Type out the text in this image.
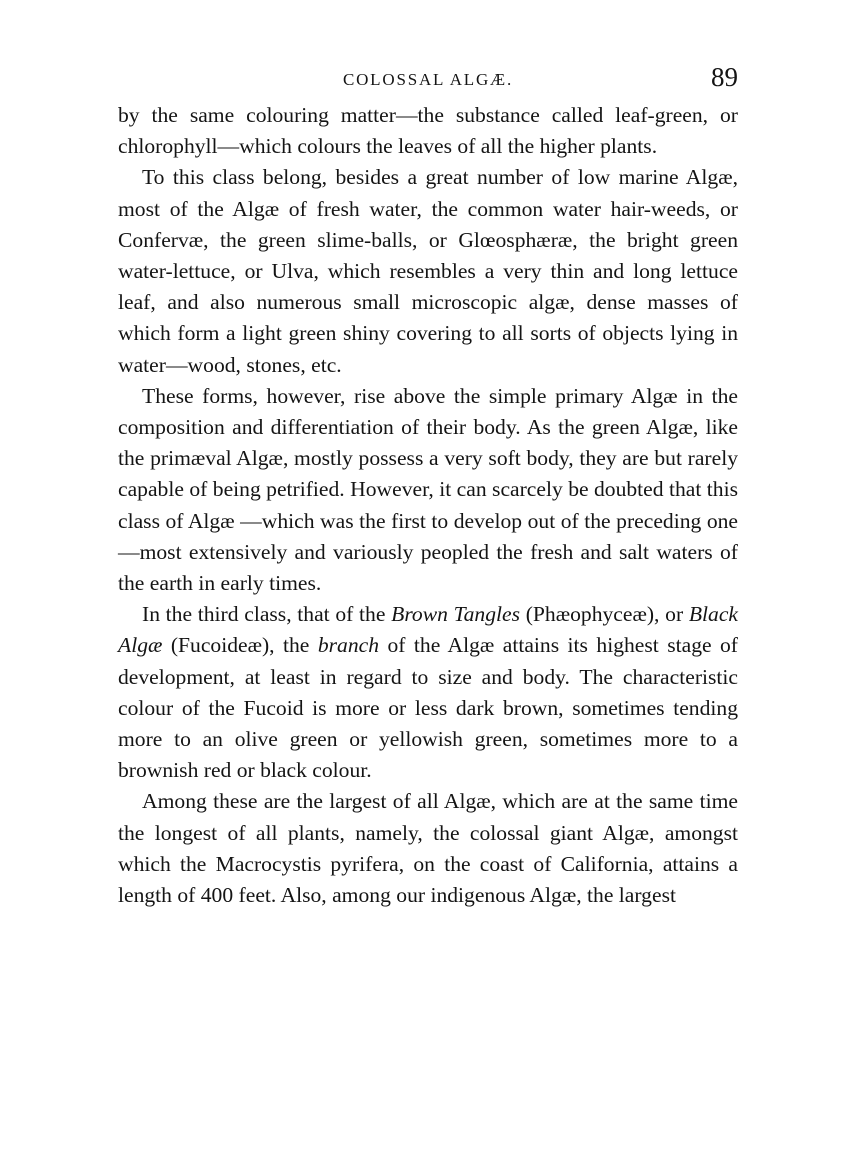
COLOSSAL ALGÆ.	89

by the same colouring matter—the substance called leaf-green, or chlorophyll—which colours the leaves of all the higher plants.

To this class belong, besides a great number of low marine Algæ, most of the Algæ of fresh water, the common water hair-weeds, or Confervæ, the green slime-balls, or Glœosphæræ, the bright green water-lettuce, or Ulva, which resembles a very thin and long lettuce leaf, and also numerous small microscopic algæ, dense masses of which form a light green shiny covering to all sorts of objects lying in water—wood, stones, etc.

These forms, however, rise above the simple primary Algæ in the composition and differentiation of their body. As the green Algæ, like the primæval Algæ, mostly possess a very soft body, they are but rarely capable of being petrified. However, it can scarcely be doubted that this class of Algæ —which was the first to develop out of the preceding one—most extensively and variously peopled the fresh and salt waters of the earth in early times.

In the third class, that of the Brown Tangles (Phæophyceæ), or Black Algæ (Fucoideæ), the branch of the Algæ attains its highest stage of development, at least in regard to size and body. The characteristic colour of the Fucoid is more or less dark brown, sometimes tending more to an olive green or yellowish green, sometimes more to a brownish red or black colour.

Among these are the largest of all Algæ, which are at the same time the longest of all plants, namely, the colossal giant Algæ, amongst which the Macrocystis pyrifera, on the coast of California, attains a length of 400 feet. Also, among our indigenous Algæ, the largest
